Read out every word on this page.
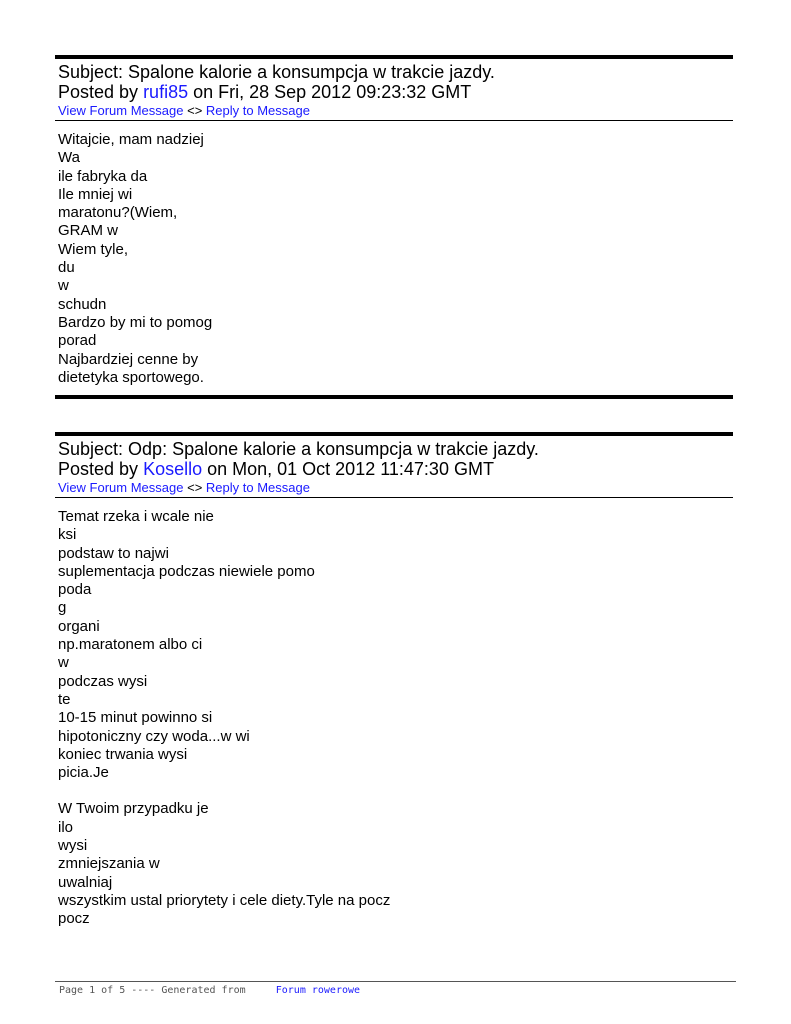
Subject: Spalone kalorie a konsumpcja w trakcie jazdy.
Posted by rufi85 on Fri, 28 Sep 2012 09:23:32 GMT
View Forum Message <> Reply to Message
Witajcie, mam nadziej
Wa
ile fabryka da
Ile mniej wi
maratonu?(Wiem,
GRAM w
Wiem tyle,
du
w
schudn
Bardzo by mi to pomog
porad
Najbardziej cenne by
dietetyka sportowego.
Subject: Odp: Spalone kalorie a konsumpcja w trakcie jazdy.
Posted by Kosello on Mon, 01 Oct 2012 11:47:30 GMT
View Forum Message <> Reply to Message
Temat rzeka i wcale nie
ksi
podstaw to najwi
suplementacja podczas niewiele pomo
poda
g
organi
np.maratonem albo ci
w
podczas wysi
te
10-15 minut powinno si
hipotoniczny czy woda...w wi
koniec trwania wysi
picia.Je
W Twoim przypadku je
ilo
wysi
zmniejszania w
uwalniaj
wszystkim ustal priorytety i cele diety.Tyle na pocz
pocz
Page 1 of 5 ---- Generated from     Forum rowerowe
